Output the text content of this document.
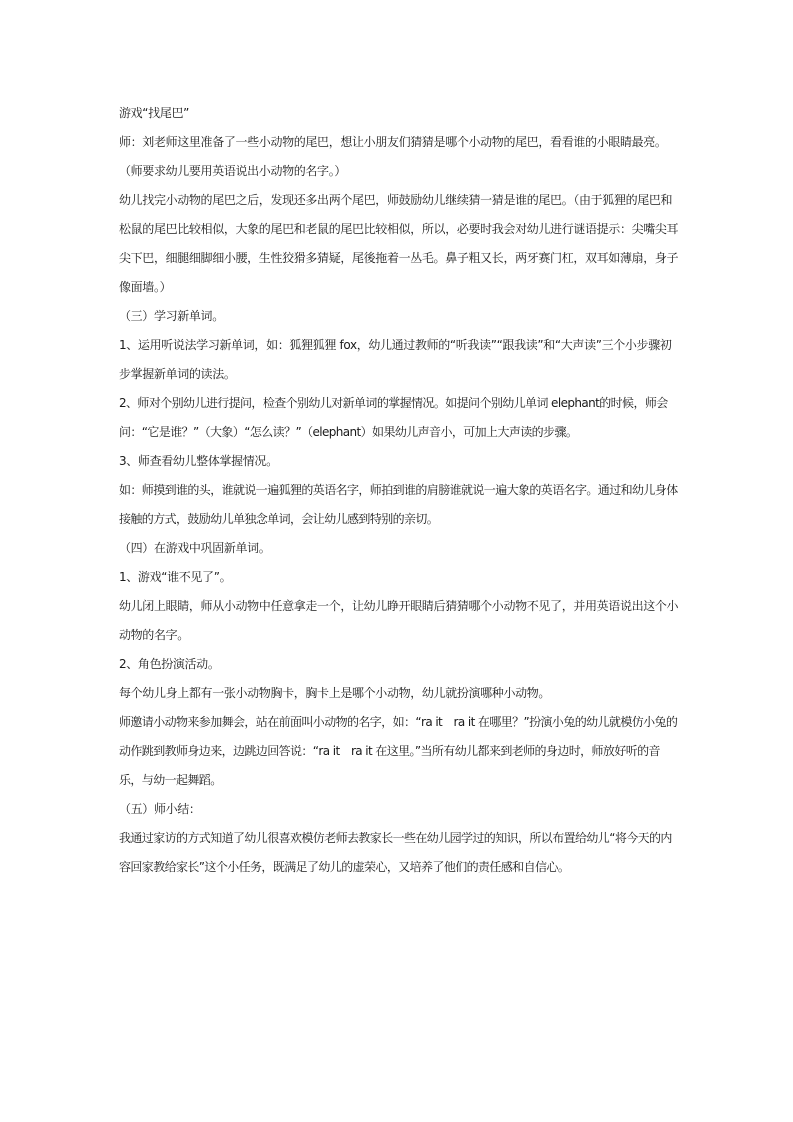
游戏“找尾巴”

师：刘老师这里准备了一些小动物的尾巴，想让小朋友们猜猜是哪个小动物的尾巴，看看谁的小眼睛最亮。（师要求幼儿要用英语说出小动物的名字。）

幼儿找完小动物的尾巴之后，发现还多出两个尾巴，师鼓励幼儿继续猜一猜是谁的尾巴。（由于狐狸的尾巴和松鼠的尾巴比较相似，大象的尾巴和老鼠的尾巴比较相似，所以，必要时我会对幼儿进行谜语提示：尖嘴尖耳尖下巴，细腿细脚细小腰，生性狡猾多猜疑，尾後拖着一丛毛。鼻子粗又长，两牙赛门杠，双耳如薄扇，身子像面墙。）

（三）学习新单词。

1、运用听说法学习新单词，如：狐狸狐狸 fox，幼儿通过教师的“听我读”“跟我读”和“大声读”三个小步骤初步掌握新单词的读法。

2、师对个别幼儿进行提问，检查个别幼儿对新单词的掌握情况。如提问个别幼儿单词 elephant的时候，师会问：“它是谁？”（大象）“怎么读？”（elephant）如果幼儿声音小，可加上大声读的步骤。

3、师查看幼儿整体掌握情况。

如：师摸到谁的头，谁就说一遍狐狸的英语名字，师拍到谁的肩膀谁就说一遍大象的英语名字。通过和幼儿身体接触的方式，鼓励幼儿单独念单词，会让幼儿感到特别的亲切。

（四）在游戏中巩固新单词。

1、游戏“谁不见了”。

幼儿闭上眼睛，师从小动物中任意拿走一个，让幼儿睁开眼睛后猜猜哪个小动物不见了，并用英语说出这个小动物的名字。

2、角色扮演活动。

每个幼儿身上都有一张小动物胸卡，胸卡上是哪个小动物，幼儿就扮演哪种小动物。

师邀请小动物来参加舞会，站在前面叫小动物的名字，如：“ra it　ra it 在哪里？”扮演小兔的幼儿就模仿小兔的动作跳到教师身边来，边跳边回答说：“ra it　ra it 在这里。”当所有幼儿都来到老师的身边时，师放好听的音乐，与幼一起舞蹈。

（五）师小结：

我通过家访的方式知道了幼儿很喜欢模仿老师去教家长一些在幼儿园学过的知识，所以布置给幼儿“将今天的内容回家教给家长”这个小任务，既满足了幼儿的虚荣心，又培养了他们的责任感和自信心。
